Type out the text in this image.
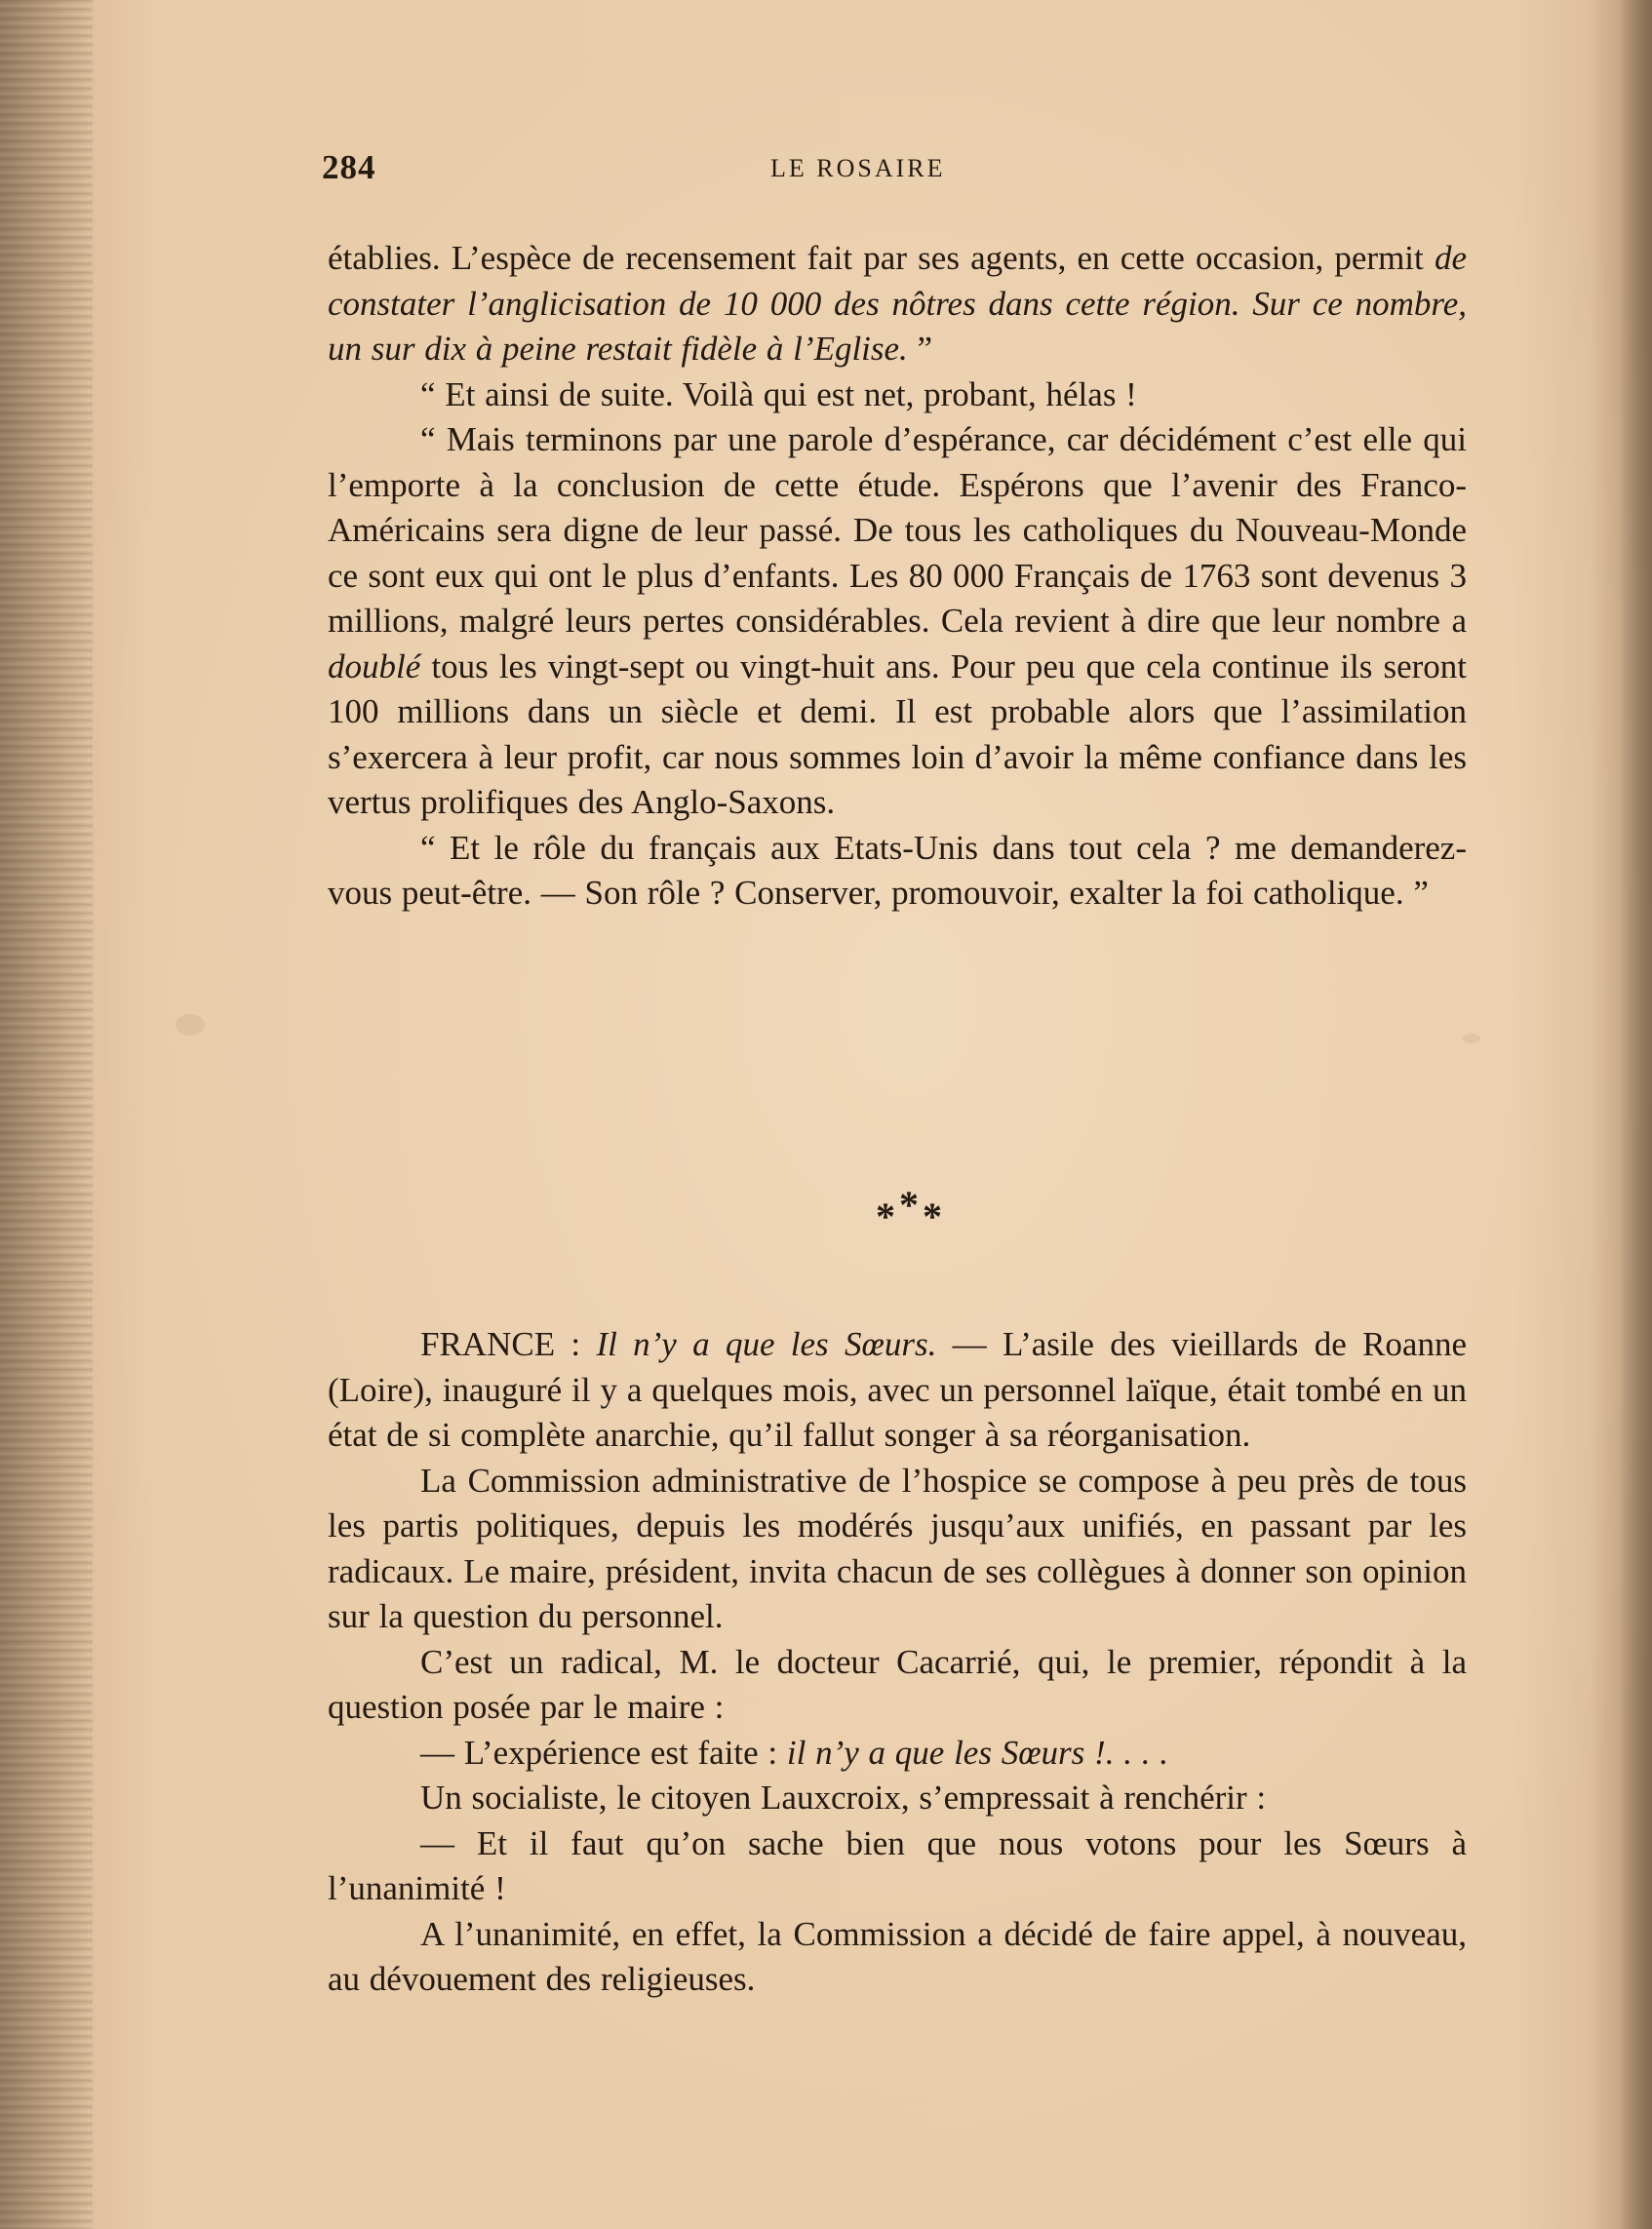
284	LE ROSAIRE

établies. L’espèce de recensement fait par ses agents, en cette occasion, permit de constater l’anglicisation de 10 000 des nôtres dans cette région. Sur ce nombre, un sur dix à peine restait fidèle à l’Eglise. ”

“ Et ainsi de suite. Voilà qui est net, probant, hélas !

“ Mais terminons par une parole d’espérance, car décidément c’est elle qui l’emporte à la conclusion de cette étude. Espérons que l’avenir des Franco-Américains sera digne de leur passé. De tous les catholiques du Nouveau-Monde ce sont eux qui ont le plus d’enfants. Les 80 000 Français de 1763 sont devenus 3 millions, malgré leurs pertes considérables. Cela revient à dire que leur nombre a doublé tous les vingt-sept ou vingt-huit ans. Pour peu que cela continue ils seront 100 millions dans un siècle et demi. Il est probable alors que l’assimilation s’exercera à leur profit, car nous sommes loin d’avoir la même confiance dans les vertus prolifiques des Anglo-Saxons.

“ Et le rôle du français aux Etats-Unis dans tout cela ? me demanderez-vous peut-être. — Son rôle ? Conserver, promouvoir, exalter la foi catholique. ”

* * *

FRANCE : Il n’y a que les Sœurs. — L’asile des vieillards de Roanne (Loire), inauguré il y a quelques mois, avec un personnel laïque, était tombé en un état de si complète anarchie, qu’il fallut songer à sa réorganisation.

La Commission administrative de l’hospice se compose à peu près de tous les partis politiques, depuis les modérés jusqu’aux unifiés, en passant par les radicaux. Le maire, président, invita chacun de ses collègues à donner son opinion sur la question du personnel.

C’est un radical, M. le docteur Cacarrié, qui, le premier, répondit à la question posée par le maire :

— L’expérience est faite : il n’y a que les Sœurs !. . . .

Un socialiste, le citoyen Lauxcroix, s’empressait à renchérir :

— Et il faut qu’on sache bien que nous votons pour les Sœurs à l’unanimité !

A l’unanimité, en effet, la Commission a décidé de faire appel, à nouveau, au dévouement des religieuses.
